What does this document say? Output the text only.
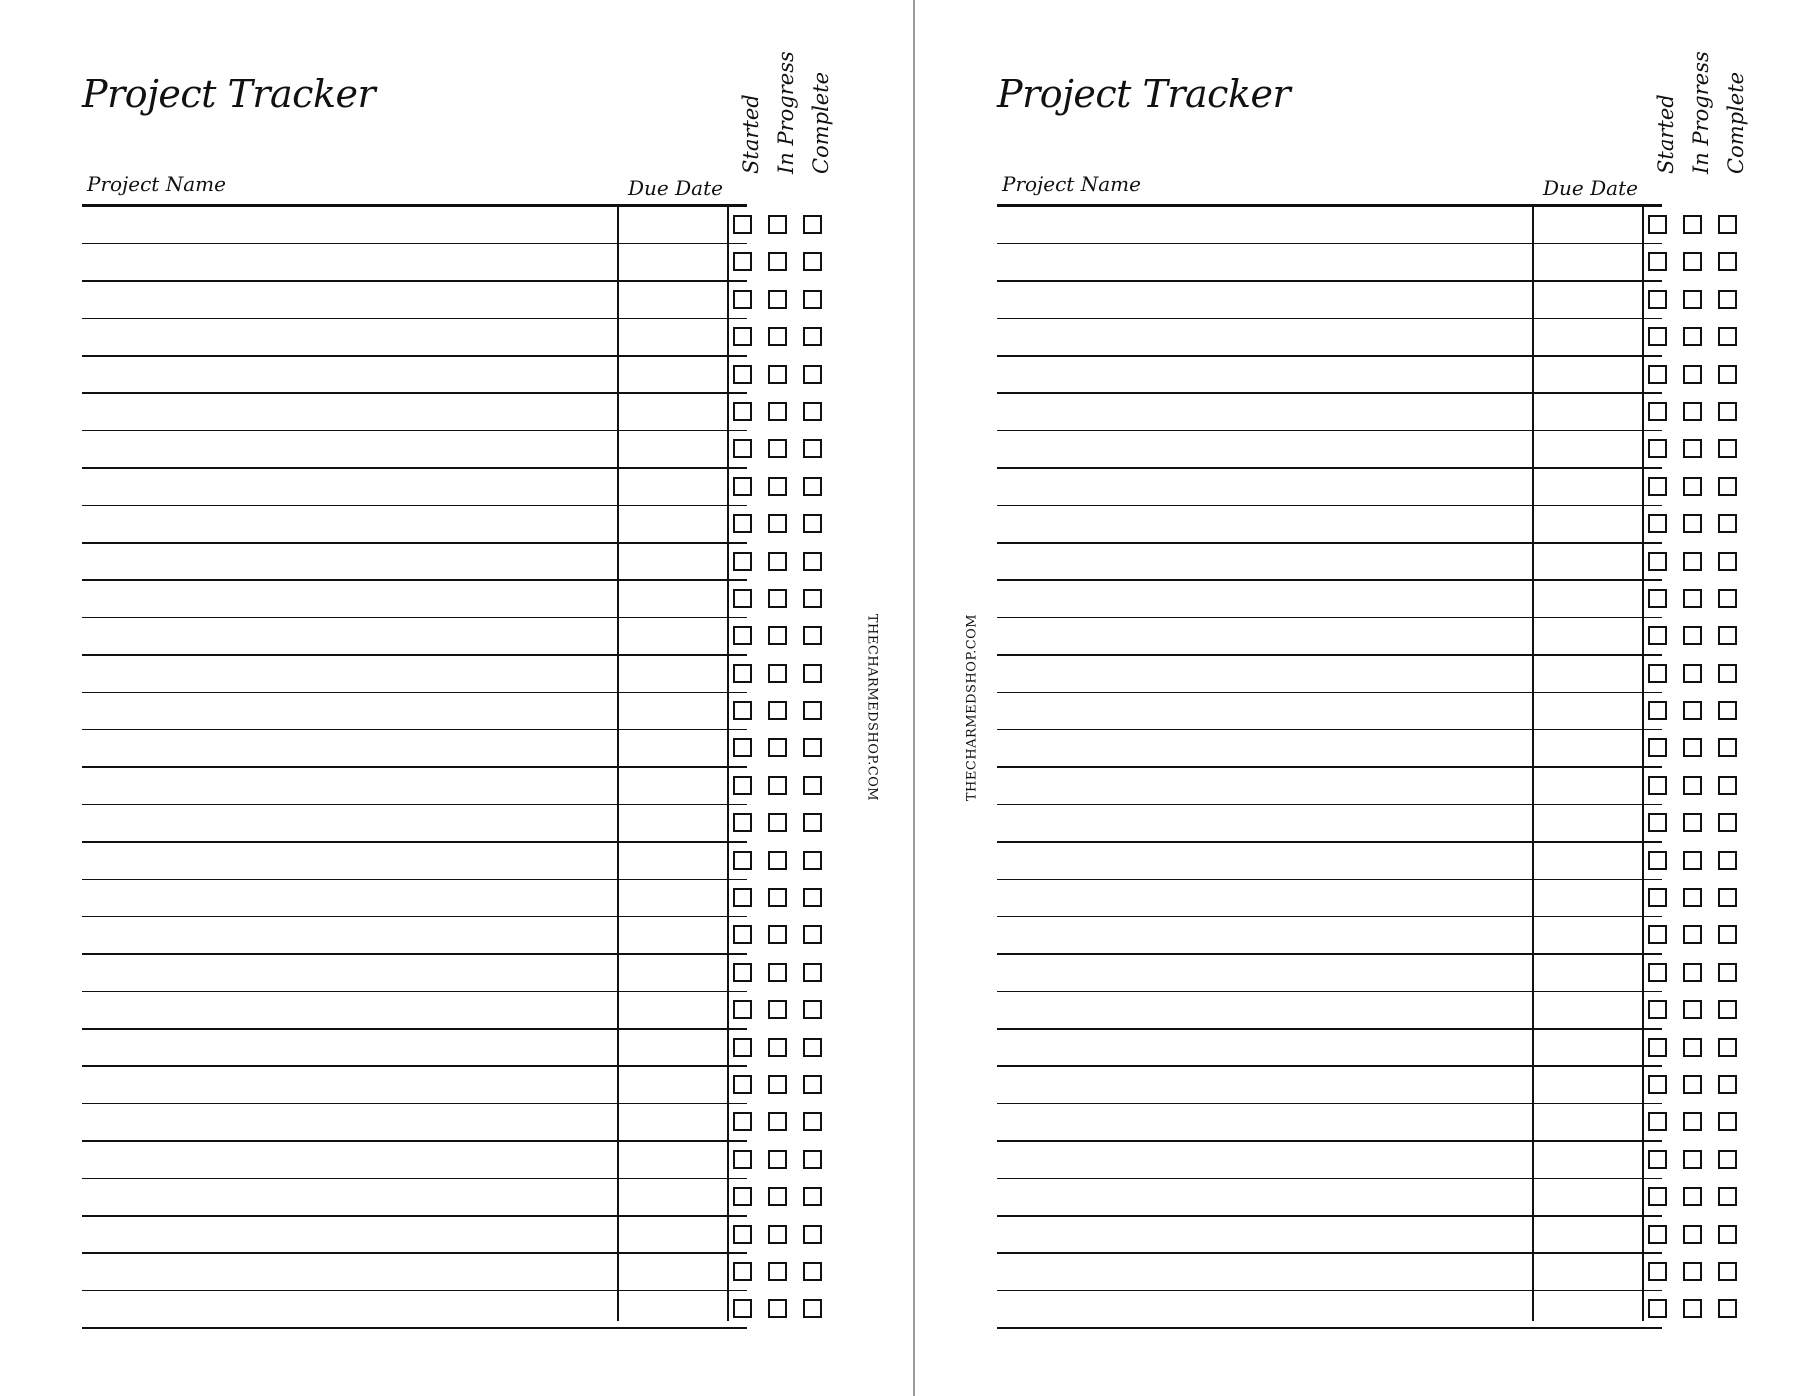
Project Tracker
Project Name	Due Date
Started In Progress Complete
THECHARMEDSHOP.COM
Project Tracker
Project Name	Due Date
Started In Progress Complete
THECHARMEDSHOP.COM
